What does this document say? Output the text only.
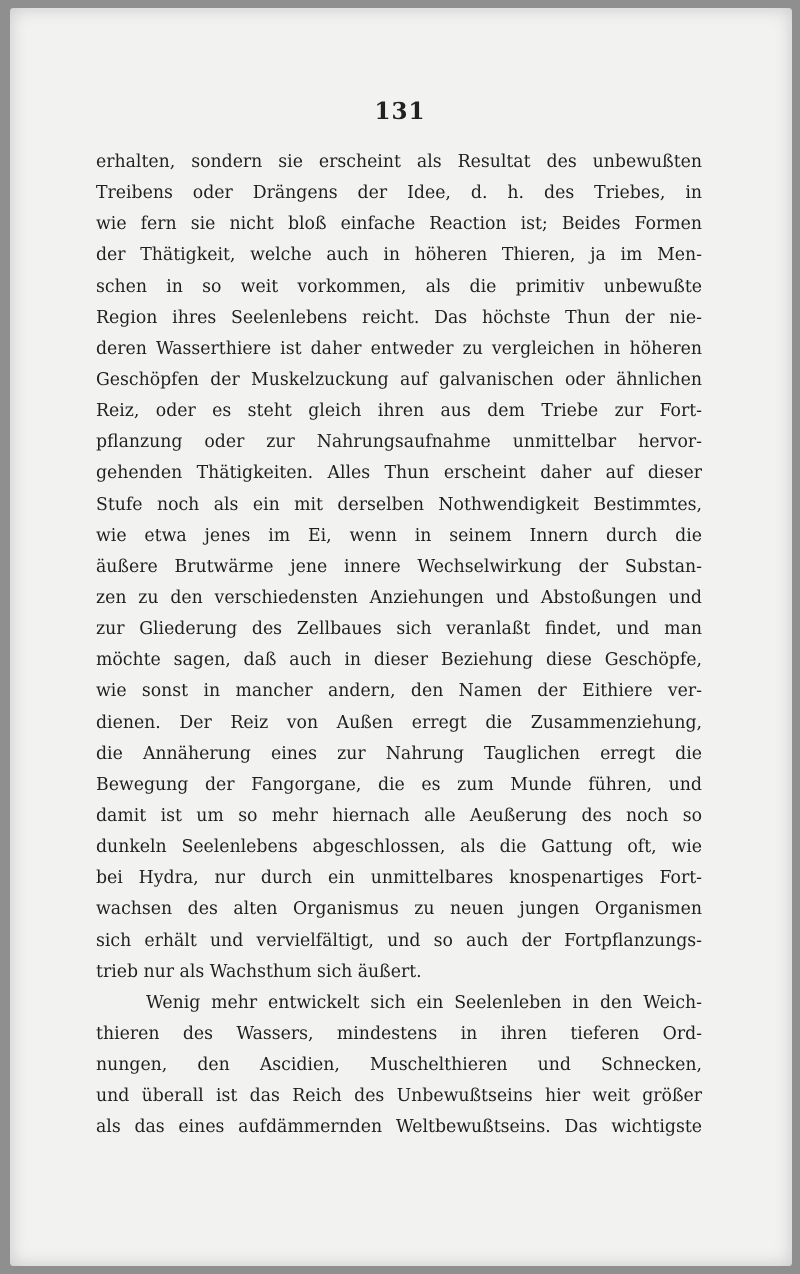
131
erhalten, sondern sie erscheint als Resultat des unbewußten
Treibens oder Drängens der Idee, d. h. des Triebes, in
wie fern sie nicht bloß einfache Reaction ist; Beides Formen
der Thätigkeit, welche auch in höheren Thieren, ja im Men-
schen in so weit vorkommen, als die primitiv unbewußte
Region ihres Seelenlebens reicht. Das höchste Thun der nie-
deren Wasserthiere ist daher entweder zu vergleichen in höheren
Geschöpfen der Muskelzuckung auf galvanischen oder ähnlichen
Reiz, oder es steht gleich ihren aus dem Triebe zur Fort-
pflanzung oder zur Nahrungsaufnahme unmittelbar hervor-
gehenden Thätigkeiten. Alles Thun erscheint daher auf dieser
Stufe noch als ein mit derselben Nothwendigkeit Bestimmtes,
wie etwa jenes im Ei, wenn in seinem Innern durch die
äußere Brutwärme jene innere Wechselwirkung der Substan-
zen zu den verschiedensten Anziehungen und Abstoßungen und
zur Gliederung des Zellbaues sich veranlaßt findet, und man
möchte sagen, daß auch in dieser Beziehung diese Geschöpfe,
wie sonst in mancher andern, den Namen der Eithiere ver-
dienen. Der Reiz von Außen erregt die Zusammenziehung,
die Annäherung eines zur Nahrung Tauglichen erregt die
Bewegung der Fangorgane, die es zum Munde führen, und
damit ist um so mehr hiernach alle Aeußerung des noch so
dunkeln Seelenlebens abgeschlossen, als die Gattung oft, wie
bei Hydra, nur durch ein unmittelbares knospenartiges Fort-
wachsen des alten Organismus zu neuen jungen Organismen
sich erhält und vervielfältigt, und so auch der Fortpflanzungs-
trieb nur als Wachsthum sich äußert.
Wenig mehr entwickelt sich ein Seelenleben in den Weich-
thieren des Wassers, mindestens in ihren tieferen Ord-
nungen, den Ascidien, Muschelthieren und Schnecken,
und überall ist das Reich des Unbewußtseins hier weit größer
als das eines aufdämmernden Weltbewußtseins. Das wichtigste
